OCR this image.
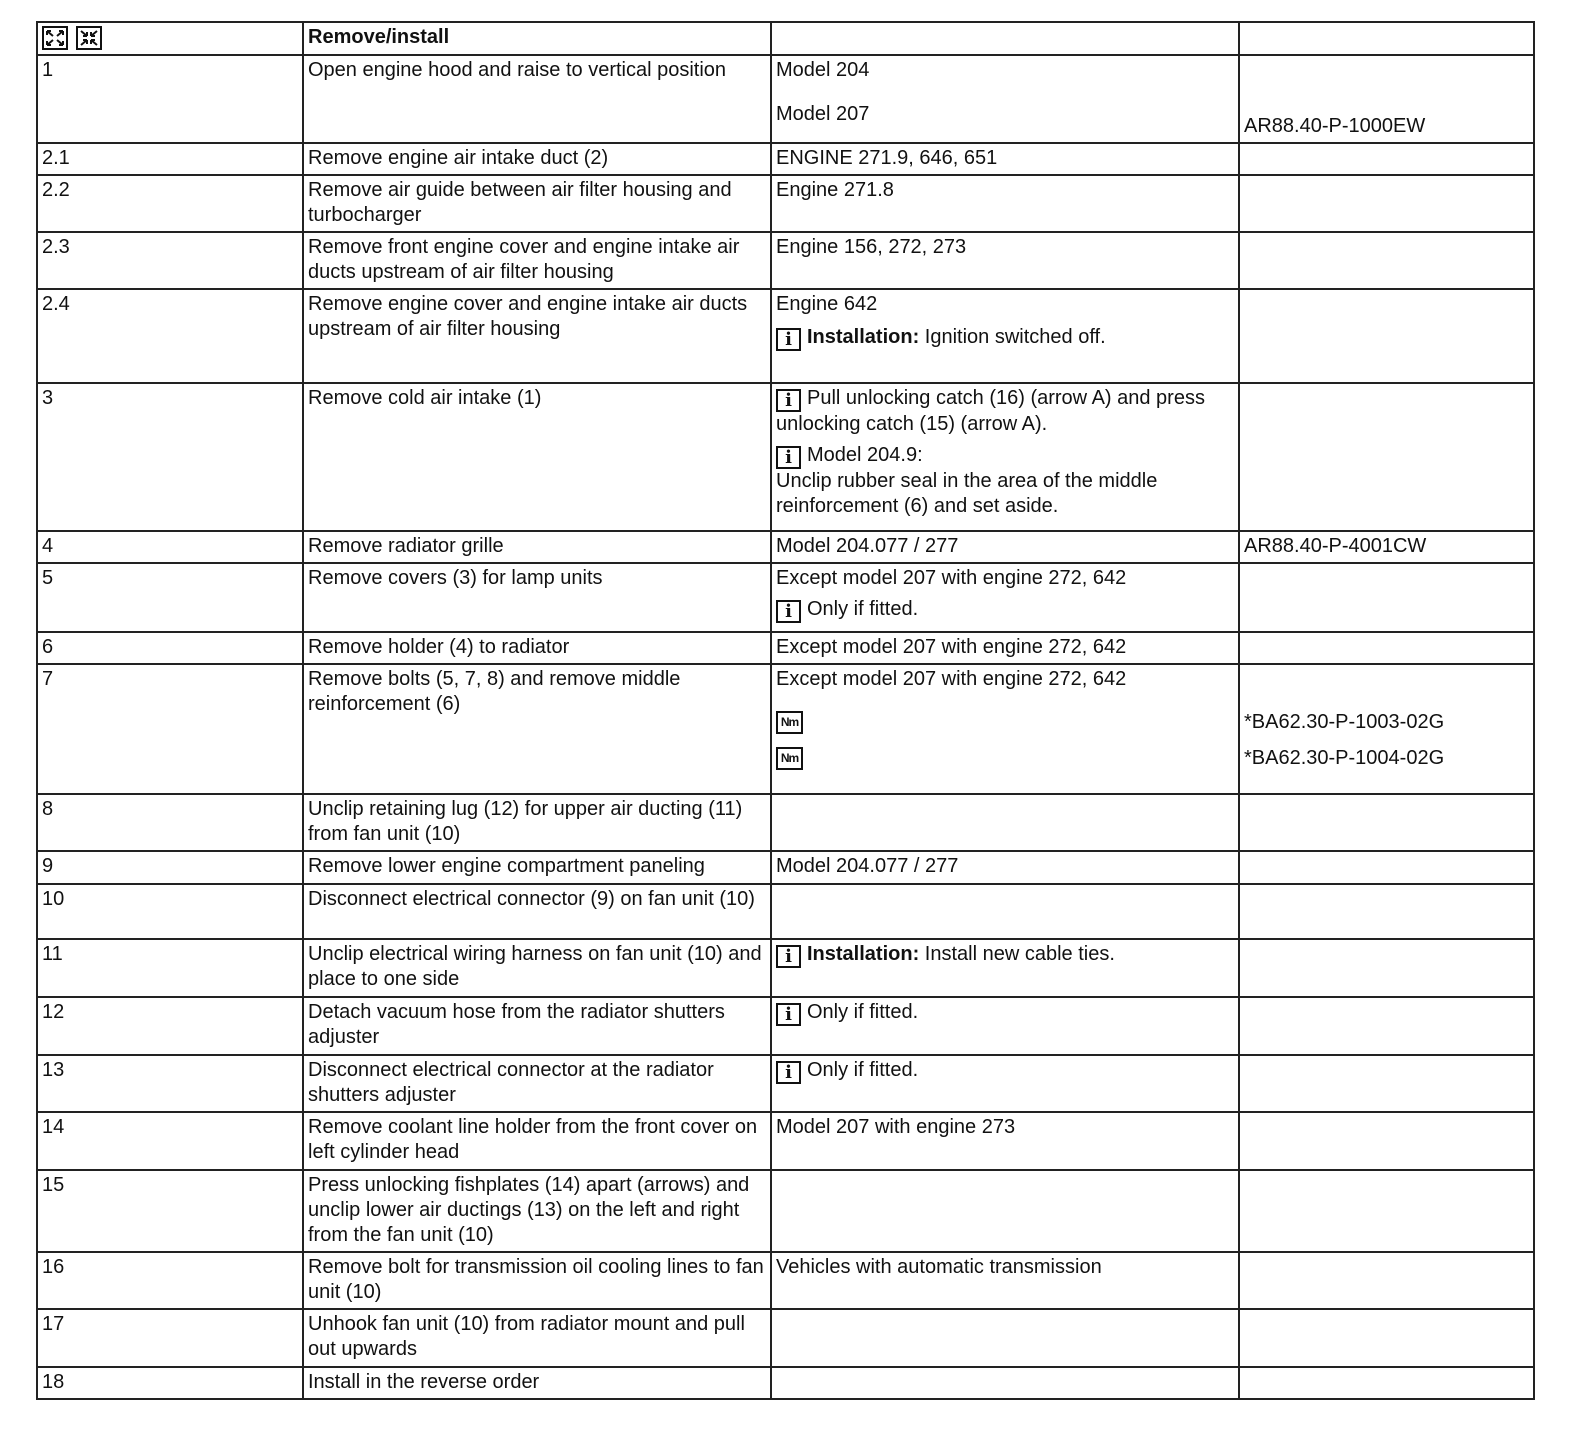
	Remove/install		
1	Open engine hood and raise to vertical position	Model 204
Model 207	AR88.40-P-1000EW

2.1	Remove engine air intake duct (2)	ENGINE 271.9, 646, 651	
2.2	Remove air guide between air filter housing and turbocharger	Engine 271.8	
2.3	Remove front engine cover and engine intake air ducts upstream of air filter housing	Engine 156, 272, 273	
2.4	Remove engine cover and engine intake air ducts upstream of air filter housing	Engine 642
i Installation: Ignition switched off.	

3	Remove cold air intake (1)	i Pull unlocking catch (16) (arrow A) and press unlocking catch (15) (arrow A).
i Model 204.9:
Unclip rubber seal in the area of the middle reinforcement (6) and set aside.	

4	Remove radiator grille	Model 204.077 / 277	AR88.40-P-4001CW
5	Remove covers (3) for lamp units	Except model 207 with engine 272, 642
i Only if fitted.	

6	Remove holder (4) to radiator	Except model 207 with engine 272, 642	
7	Remove bolts (5, 7, 8) and remove middle reinforcement (6)	Except model 207 with engine 272, 642
Nm
Nm	*BA62.30-P-1003-02G
*BA62.30-P-1004-02G

8	Unclip retaining lug (12) for upper air ducting (11) from fan unit (10)		
9	Remove lower engine compartment paneling	Model 204.077 / 277	
10	Disconnect electrical connector (9) on fan unit (10)		
11	Unclip electrical wiring harness on fan unit (10) and place to one side	i Installation: Install new cable ties.	
12	Detach vacuum hose from the radiator shutters adjuster	i Only if fitted.	
13	Disconnect electrical connector at the radiator shutters adjuster	i Only if fitted.	
14	Remove coolant line holder from the front cover on left cylinder head	Model 207 with engine 273	
15	Press unlocking fishplates (14) apart (arrows) and unclip lower air ductings (13) on the left and right from the fan unit (10)		
16	Remove bolt for transmission oil cooling lines to fan unit (10)	Vehicles with automatic transmission	
17	Unhook fan unit (10) from radiator mount and pull out upwards		
18	Install in the reverse order		
